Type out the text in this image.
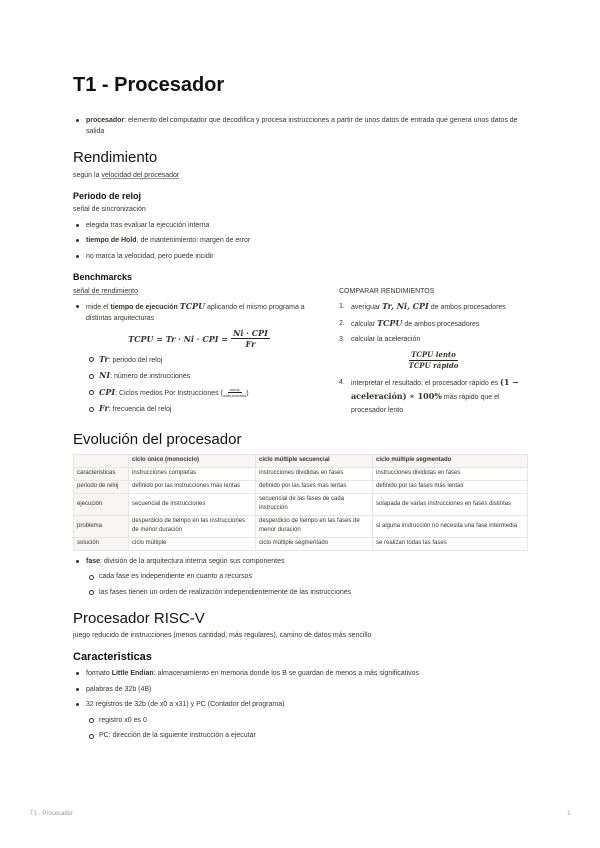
T1 - Procesador
procesador: elemento del computador que decodifica y procesa instrucciones a partir de unos datos de entrada que genera unos datos de salida
Rendimiento
según la velocidad del procesador
Periodo de reloj
señal de sincronización
elegida tras evaluar la ejecución interna
tiempo de Hold, de mantenimiento: margen de error
no marca la velocidad, pero puede incidir
Benchmarcks
señal de rendimiento
mide el tiempo de ejecución TCPU aplicando el mismo programa a distintas arquitecturas
TCPU = Tr · Ni · CPI = $\frac{\text{Ni · CPI}}{Fr}$
Tr: periodo del reloj
NI: número de instrucciones
CPI: Ciclos medios Por Instrucciones ( $\frac{\text{ciclos}}{\text{instrucciones}}$ )
Fr: frecuencia del reloj
COMPARAR RENDIMIENTOS
1. averiguar Tr, Ni, CPI de ambos procesadores
2. calcular TCPU de ambos procesadores
3. calcular la aceleración
$\frac{\text{TCPU lento}}{\text{TCPU rápido}}$
4. interpretar el resultado: el procesador rápido es (1 − aceleración) ∗ 100% más rápido que el procesador lento
Evolución del procesador
	ciclo único (monociclo)	ciclo múltiple secuencial	ciclo múltiple segmentado
caracteristicas	instrucciones completas	instrucciones divididas en fases	instrucciones divididas en fases
periodo de reloj	definido por las instrucciones más lentas	definido por las fases más lentas	definido por las fases más lentas
ejecución	secuencial de instrucciones	secuencial de las fases de cada instrucción	solapada de varias instrucciones en fases distintas
problema	desperdicio de tiempo en las instrucciones de menor duración	desperdicio de tiempo en las fases de menor duración	si alguna instrucción no necesita una fase intermedia
solución	ciclo múltiple	ciclo múltiple segmentado	se realizan todas las fases
fase: división de la arquitectura interna según sus componentes
cada fase es independiente en cuanto a recursos
las fases tienen un orden de realización independientemente de las instrucciones
Procesador RISC-V
juego reducido de instrucciones (menos cantidad, más regulares), camino de datos más sencillo
Caracteristicas
formato Little Endian: almacenamiento en memoria donde los B se guardan de menos a más significativos
palabras de 32b (4B)
32 registros de 32b (de x0 a x31) y PC (Contador del programa)
registro x0 es 0
PC: dirección de la siguiente instrucción a ejecutar
T1 - Procesador	1
